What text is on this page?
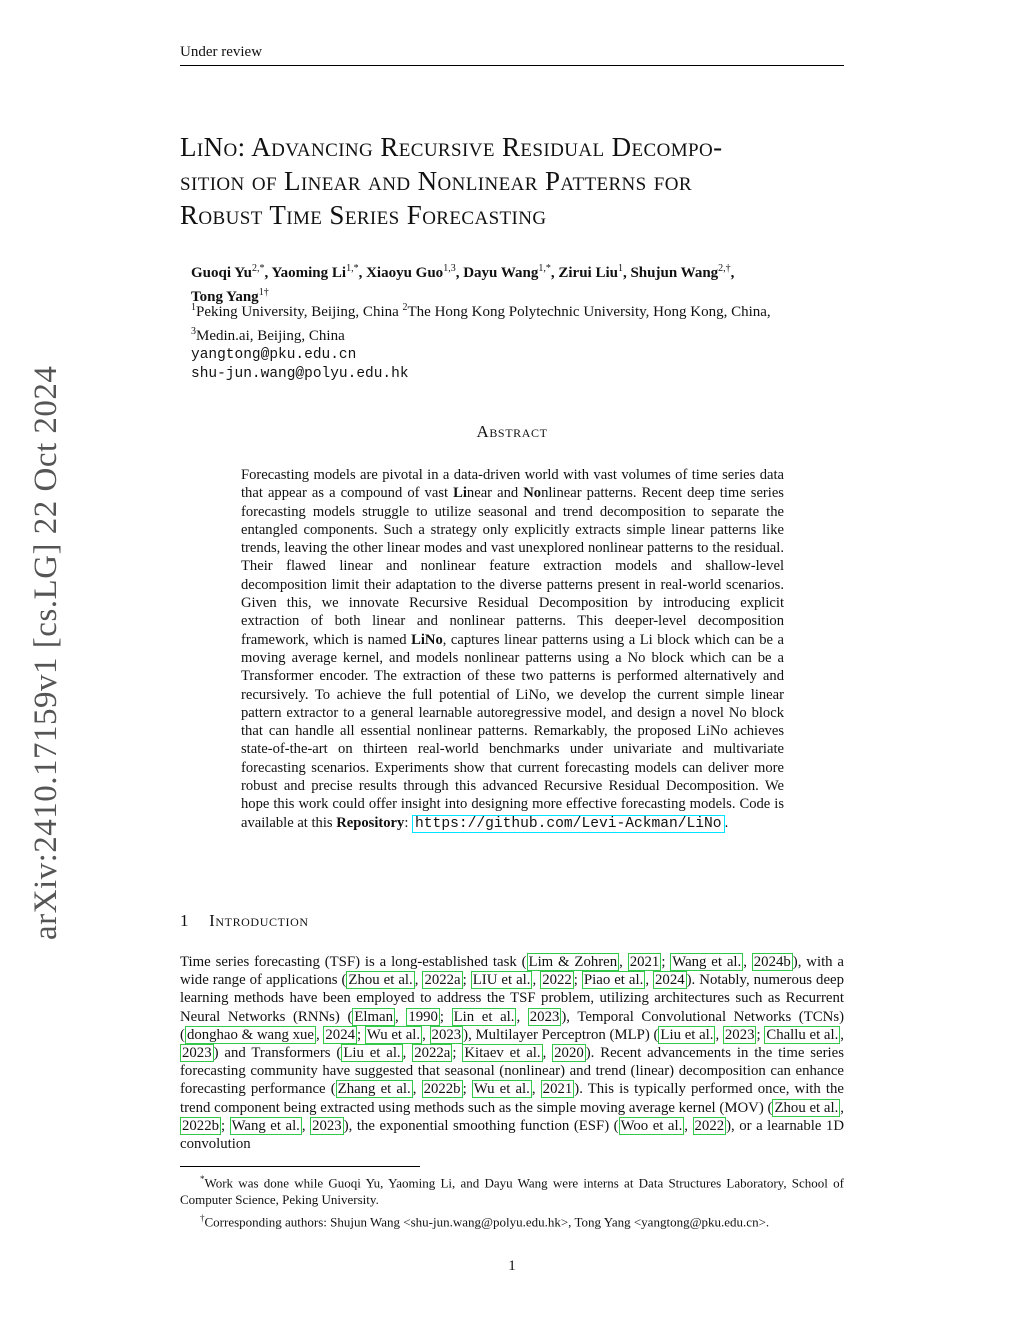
Under review
arXiv:2410.17159v1 [cs.LG] 22 Oct 2024
LiNo: Advancing Recursive Residual Decompo-
sition of Linear and Nonlinear Patterns for
Robust Time Series Forecasting
Guoqi $Yu^{2,*}$, Yaoming $Li^{1,*}$, Xiaoyu Guo$^{1,3}$, Dayu Wang$^{1,*}$, Zirui Liu$^1$, Shujun Wang$^{2,\dagger}$,
Tong Yang$^{1\dagger}$
$^1$Peking University, Beijing, China $^2$The Hong Kong Polytechnic University, Hong Kong, China,
$^3$Medin.ai, Beijing, China
yangtong@pku.edu.cn
shu-jun.wang@polyu.edu.hk
Abstract
Forecasting models are pivotal in a data-driven world with vast volumes of time series data that appear as a compound of vast Linear and Nonlinear patterns. Recent deep time series forecasting models struggle to utilize seasonal and trend decomposition to separate the entangled components. Such a strategy only explicitly extracts simple linear patterns like trends, leaving the other linear modes and vast unexplored nonlinear patterns to the residual. Their flawed linear and nonlinear feature extraction models and shallow-level decomposition limit their adaptation to the diverse patterns present in real-world scenarios. Given this, we innovate Recursive Residual Decomposition by introducing explicit extraction of both linear and nonlinear patterns. This deeper-level decomposition framework, which is named LiNo, captures linear patterns using a Li block which can be a moving average kernel, and models nonlinear patterns using a No block which can be a Transformer encoder. The extraction of these two patterns is performed alternatively and recursively. To achieve the full potential of LiNo, we develop the current simple linear pattern extractor to a general learnable autoregressive model, and design a novel No block that can handle all essential nonlinear patterns. Remarkably, the proposed LiNo achieves state-of-the-art on thirteen real-world benchmarks under univariate and multivariate forecasting scenarios. Experiments show that current forecasting models can deliver more robust and precise results through this advanced Recursive Residual Decomposition. We hope this work could offer insight into designing more effective forecasting models. Code is available at this Repository: https://github.com/Levi-Ackman/LiNo .
1 Introduction
Time series forecasting (TSF) is a long-established task ( Lim & Zohren , 2021 ; Wang et al. , 2024b ), with a wide range of applications ( Zhou et al. , 2022a ; LIU et al. , 2022 ; Piao et al. , 2024 ). Notably, numerous deep learning methods have been employed to address the TSF problem, utilizing architectures such as Recurrent Neural Networks (RNNs) ( Elman , 1990 ; Lin et al. , 2023 ), Temporal Convolutional Networks (TCNs) ( donghao & wang xue , 2024 ; Wu et al. , 2023 ), Multilayer Perceptron (MLP) ( Liu et al. , 2023 ; Challu et al. , 2023 ) and Transformers ( Liu et al. , 2022a ; Kitaev et al. , 2020 ). Recent advancements in the time series forecasting community have suggested that seasonal (nonlinear) and trend (linear) decomposition can enhance forecasting performance ( Zhang et al. , 2022b ; Wu et al. , 2021 ). This is typically performed once, with the trend component being extracted using methods such as the simple moving average kernel (MOV) ( Zhou et al. , 2022b ; Wang et al. , 2023 ), the exponential smoothing function (ESF) ( Woo et al. , 2022 ), or a learnable 1D convolution

*Work was done while Guoqi Yu, Yaoming Li, and Dayu Wang were interns at Data Structures Laboratory, School of Computer Science, Peking University.

†Corresponding authors: Shujun Wang <shu-jun.wang@polyu.edu.hk>, Tong Yang <yangtong@pku.edu.cn>.

1
